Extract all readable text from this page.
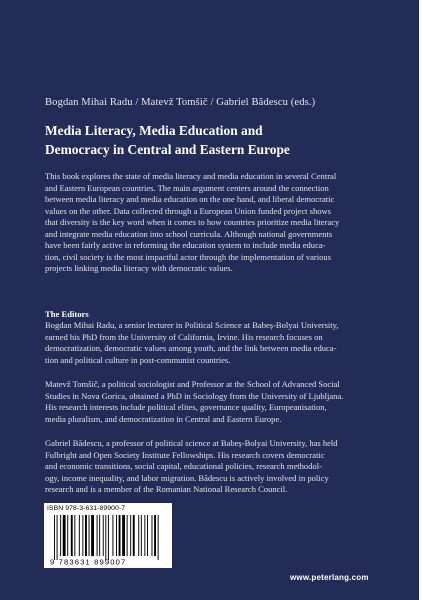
Bogdan Mihai Radu / Matevž Tomšič / Gabriel Bădescu (eds.)
Media Literacy, Media Education and
Democracy in Central and Eastern Europe

This book explores the state of media literacy and media education in several Central

and Eastern European countries. The main argument centers around the connection

between media literacy and media education on the one hand, and liberal democratic

values on the other. Data collected through a European Union funded project shows

that diversity is the key word when it comes to how countries prioritize media literacy

and integrate media education into school curricula. Although national governments

have been fairly active in reforming the education system to include media educa-

tion, civil society is the most impactful actor through the implementation of various

projects linking media literacy with democratic values.

The Editors
Bogdan Mihai Radu, a senior lecturer in Political Science at Babeș-Bolyai University,
earned his PhD from the University of California, Irvine. His research focuses on
democratization, democratic values among youth, and the link between media educa-
tion and political culture in post-communist countries.
Matevž Tomšič, a political sociologist and Professor at the School of Advanced Social
Studies in Nova Gorica, obtained a PhD in Sociology from the University of Ljubljana.
His research interests include political elites, governance quality, Europeanisation,
media pluralism, and democratization in Central and Eastern Europe.
Gabriel Bădescu, a professor of political science at Babeș-Bolyai University, has held
Fulbright and Open Society Institute Fellowships. His research covers democratic
and economic transitions, social capital, educational policies, research methodol-
ogy, income inequality, and labor migration. Bădescu is actively involved in policy
research and is a member of the Romanian National Research Council.
ISBN 978-3-631-89900-7
9 783631 899007
www.peterlang.com
